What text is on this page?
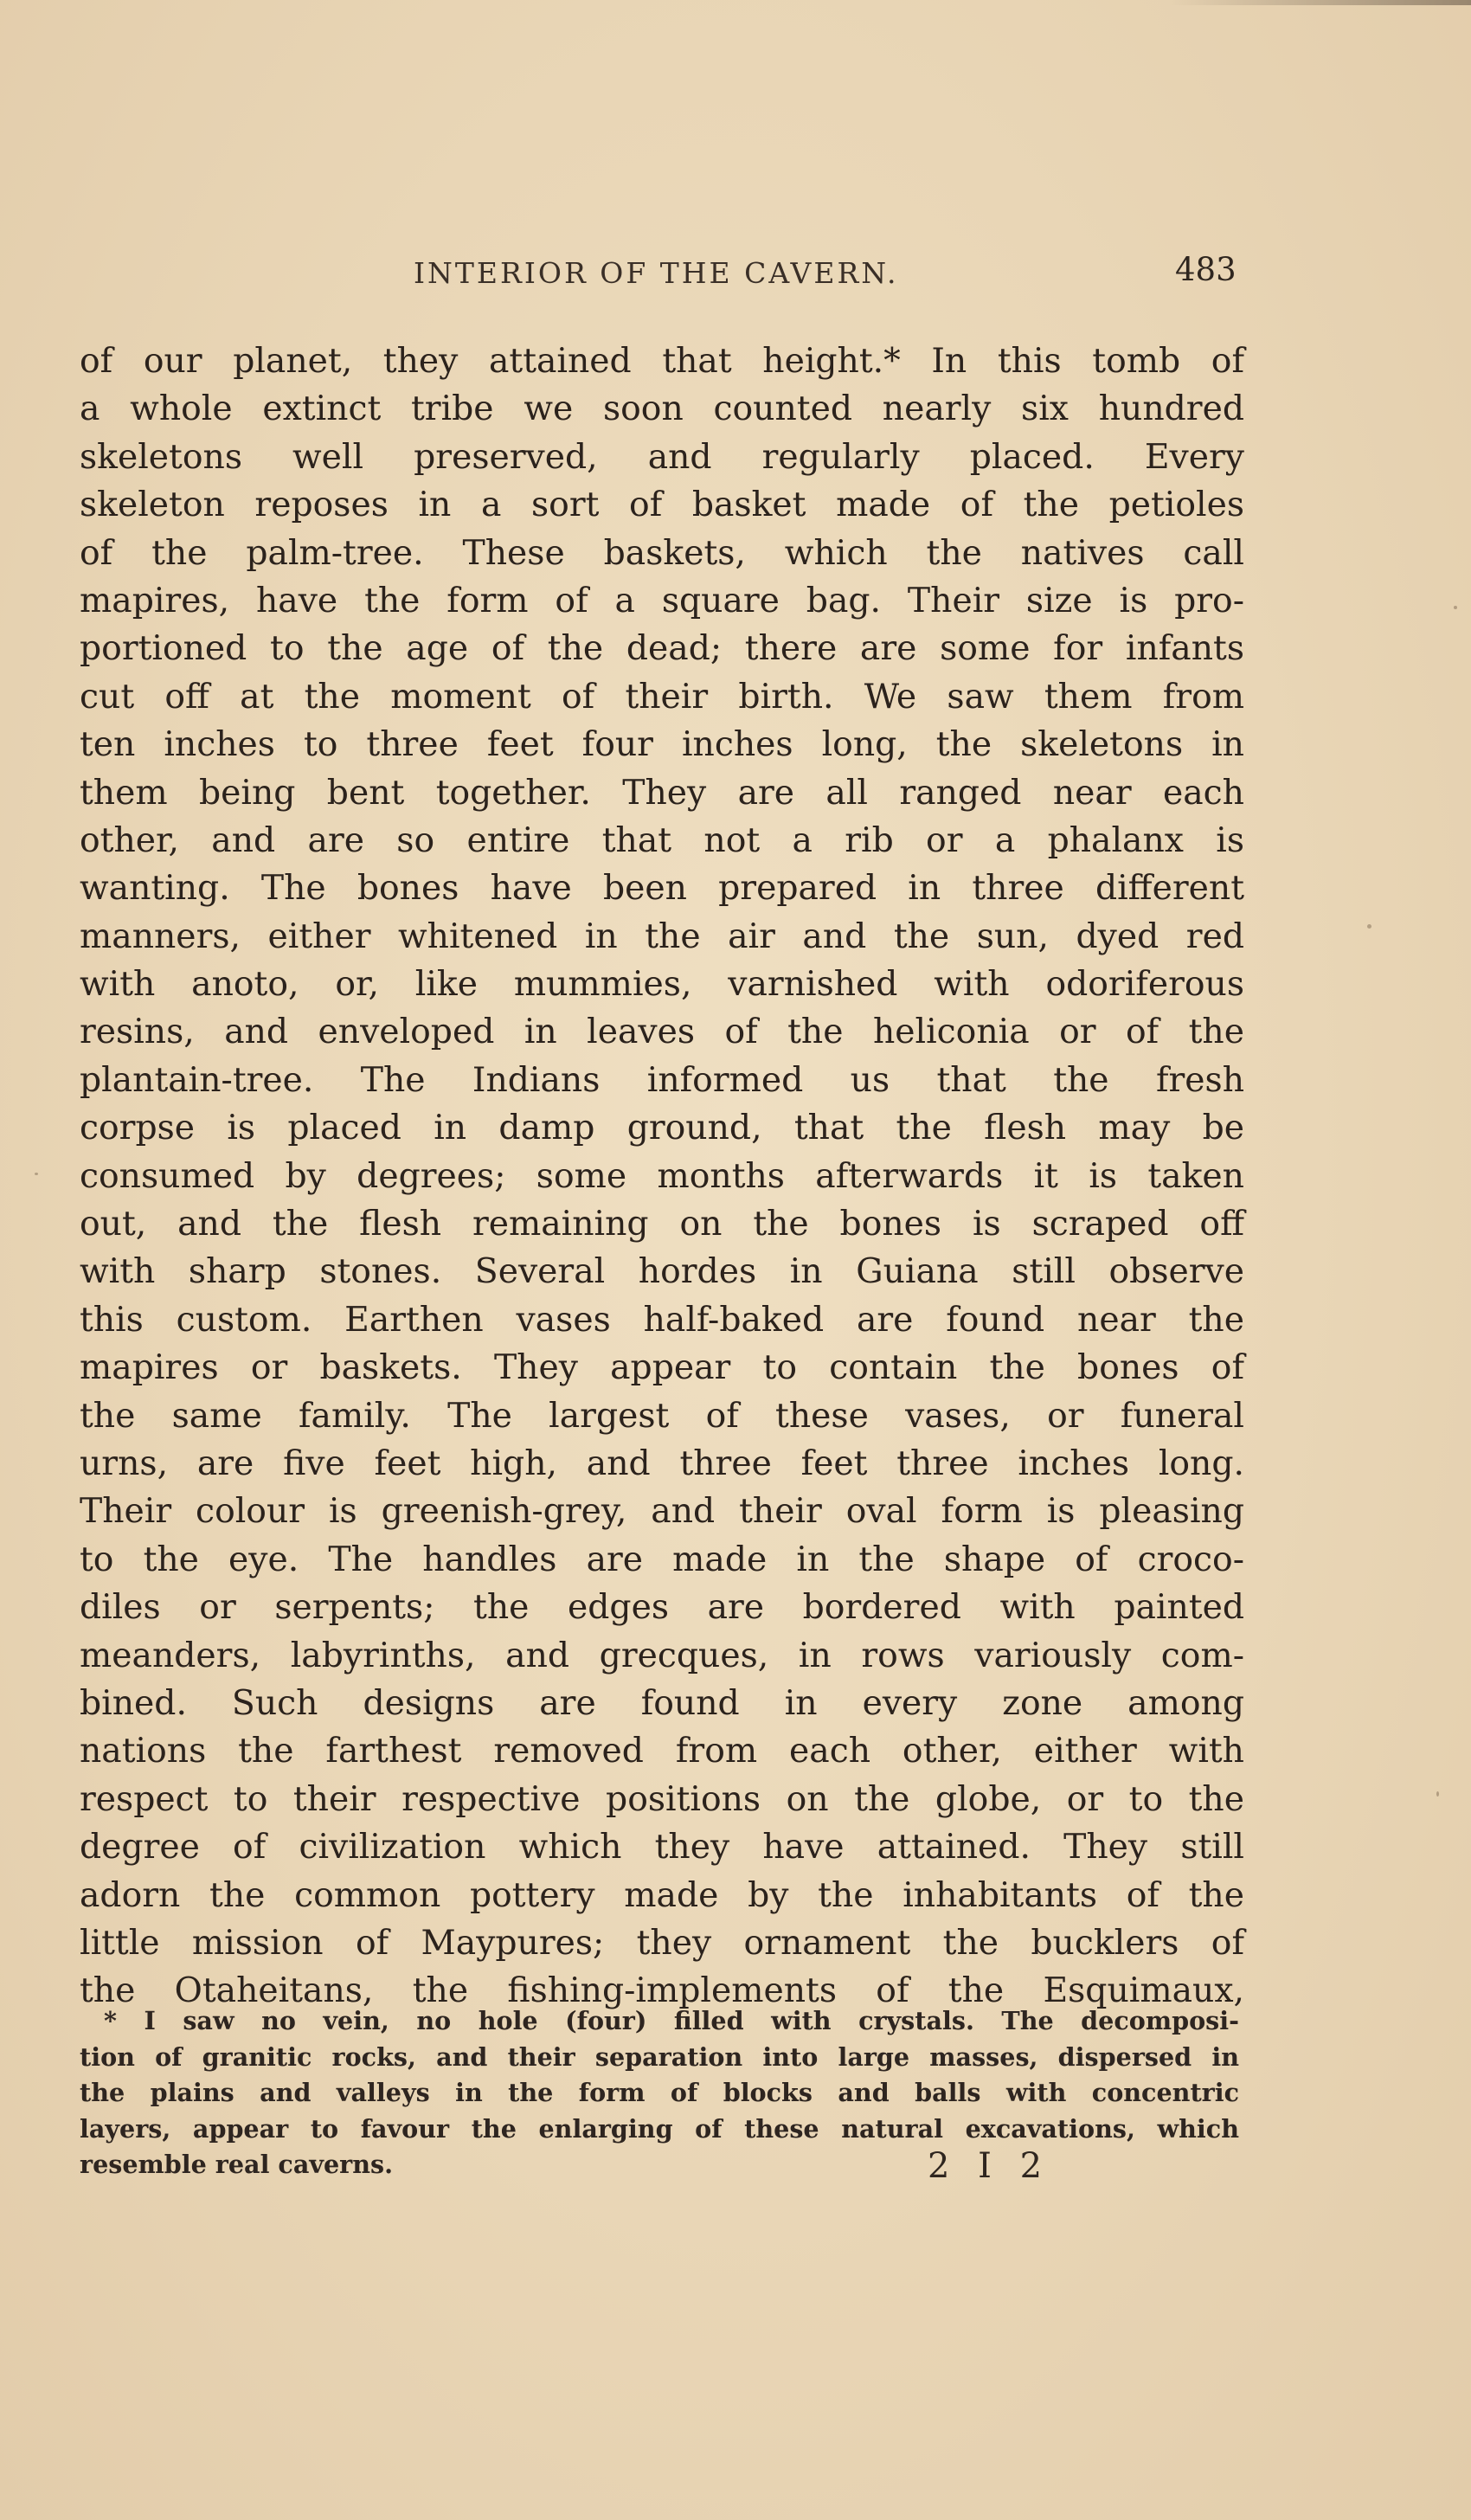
INTERIOR OF THE CAVERN.	483
of our planet, they attained that height.* In this tomb of
a whole extinct tribe we soon counted nearly six hundred
skeletons well preserved, and regularly placed. Every
skeleton reposes in a sort of basket made of the petioles
of the palm-tree. These baskets, which the natives call
mapires, have the form of a square bag. Their size is pro-
portioned to the age of the dead; there are some for infants
cut off at the moment of their birth. We saw them from
ten inches to three feet four inches long, the skeletons in
them being bent together. They are all ranged near each
other, and are so entire that not a rib or a phalanx is
wanting. The bones have been prepared in three different
manners, either whitened in the air and the sun, dyed red
with anoto, or, like mummies, varnished with odoriferous
resins, and enveloped in leaves of the heliconia or of the
plantain-tree. The Indians informed us that the fresh
corpse is placed in damp ground, that the flesh may be
consumed by degrees; some months afterwards it is taken
out, and the flesh remaining on the bones is scraped off
with sharp stones. Several hordes in Guiana still observe
this custom. Earthen vases half-baked are found near the
mapires or baskets. They appear to contain the bones of
the same family. The largest of these vases, or funeral
urns, are five feet high, and three feet three inches long.
Their colour is greenish-grey, and their oval form is pleasing
to the eye. The handles are made in the shape of croco-
diles or serpents; the edges are bordered with painted
meanders, labyrinths, and grecques, in rows variously com-
bined. Such designs are found in every zone among
nations the farthest removed from each other, either with
respect to their respective positions on the globe, or to the
degree of civilization which they have attained. They still
adorn the common pottery made by the inhabitants of the
little mission of Maypures; they ornament the bucklers of
the Otaheitans, the fishing-implements of the Esquimaux,
* I saw no vein, no hole (four) filled with crystals. The decomposi-
tion of granitic rocks, and their separation into large masses, dispersed in
the plains and valleys in the form of blocks and balls with concentric
layers, appear to favour the enlarging of these natural excavations, which
resemble real caverns.	2 I 2
